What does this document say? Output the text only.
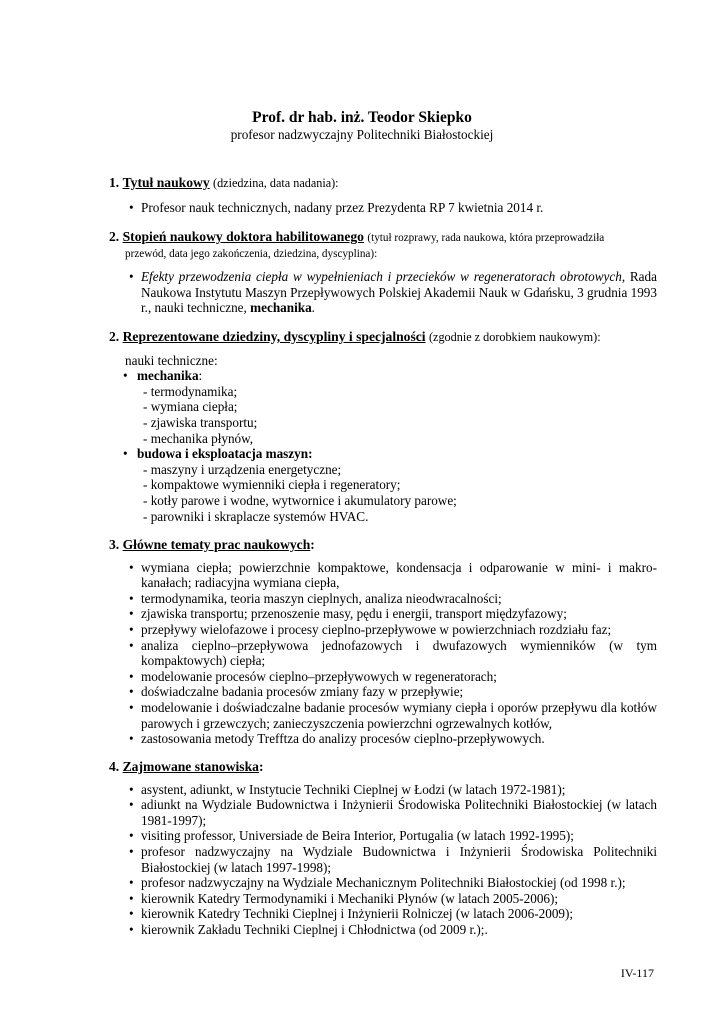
Prof. dr hab. inż. Teodor Skiepko
profesor nadzwyczajny Politechniki Białostockiej
1. Tytuł naukowy (dziedzina, data nadania):
• Profesor nauk technicznych, nadany przez Prezydenta RP 7 kwietnia 2014 r.
2. Stopień naukowy doktora habilitowanego (tytuł rozprawy, rada naukowa, która przeprowadziła
przewód, data jego zakończenia, dziedzina, dyscyplina):
• Efekty przewodzenia ciepła w wypełnieniach i przecieków w regeneratorach obrotowych, Rada Naukowa Instytutu Maszyn Przepływowych Polskiej Akademii Nauk w Gdańsku, 3 grudnia 1993 r., nauki techniczne, mechanika.
2. Reprezentowane dziedziny, dyscypliny i specjalności (zgodnie z dorobkiem naukowym):
nauki techniczne:
• mechanika:
- termodynamika;
- wymiana ciepła;
- zjawiska transportu;
- mechanika płynów,
• budowa i eksploatacja maszyn:
- maszyny i urządzenia energetyczne;
- kompaktowe wymienniki ciepła i regeneratory;
- kotły parowe i wodne, wytwornice i akumulatory parowe;
- parowniki i skraplacze systemów HVAC.
3. Główne tematy prac naukowych:
• wymiana ciepła; powierzchnie kompaktowe, kondensacja i odparowanie w mini- i makro-kanałach; radiacyjna wymiana ciepła,
• termodynamika, teoria maszyn cieplnych, analiza nieodwracalności;
• zjawiska transportu; przenoszenie masy, pędu i energii, transport międzyfazowy;
• przepływy wielofazowe i procesy cieplno-przepływowe w powierzchniach rozdziału faz;
• analiza cieplno–przepływowa jednofazowych i dwufazowych wymienników (w tym kompaktowych) ciepła;
• modelowanie procesów cieplno–przepływowych w regeneratorach;
• doświadczalne badania procesów zmiany fazy w przepływie;
• modelowanie i doświadczalne badanie procesów wymiany ciepła i oporów przepływu dla kotłów parowych i grzewczych; zanieczyszczenia powierzchni ogrzewalnych kotłów,
• zastosowania metody Trefftza do analizy procesów cieplno-przepływowych.
4. Zajmowane stanowiska:
• asystent, adiunkt, w Instytucie Techniki Cieplnej w Łodzi (w latach 1972-1981);
• adiunkt na Wydziale Budownictwa i Inżynierii Środowiska Politechniki Białostockiej (w latach 1981-1997);
• visiting professor, Universiade de Beira Interior, Portugalia (w latach 1992-1995);
• profesor nadzwyczajny na Wydziale Budownictwa i Inżynierii Środowiska Politechniki Białostockiej (w latach 1997-1998);
• profesor nadzwyczajny na Wydziale Mechanicznym Politechniki Białostockiej (od 1998 r.);
• kierownik Katedry Termodynamiki i Mechaniki Płynów (w latach 2005-2006);
• kierownik Katedry Techniki Cieplnej i Inżynierii Rolniczej (w latach 2006-2009);
• kierownik Zakładu Techniki Cieplnej i Chłodnictwa (od 2009 r.);.
IV-117
